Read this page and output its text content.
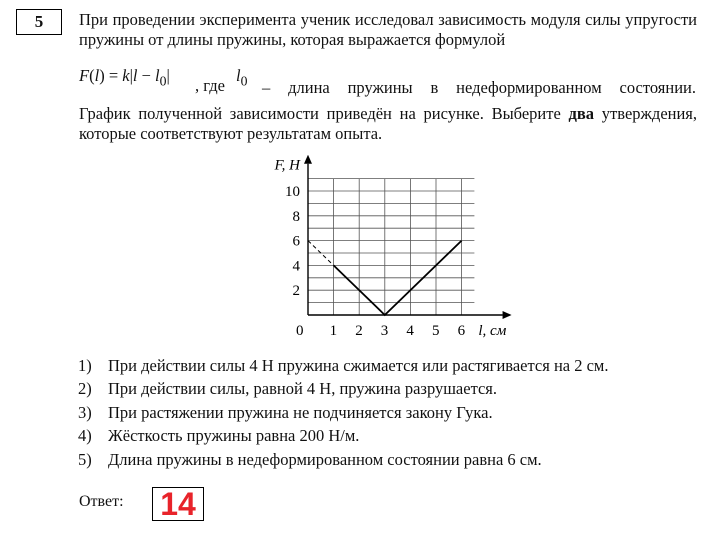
5	При проведении эксперимента ученик исследовал зависимость модуля силы упругости пружины от длины пружины, которая выражается формулой
$F(l) = k|l - l_0|$
, где
$l_0$ – длина пружины в недеформированном состоянии.
График полученной зависимости приведён на рисунке. Выберите два утверждения, которые соответствуют результатам опыта.
0 1 2 3 4 5 6
2
4
6
8
10
F, Н
l, см
1) При действии силы 4 Н пружина сжимается или растягивается на 2 см.
2) При действии силы, равной 4 Н, пружина разрушается.
3) При растяжении пружина не подчиняется закону Гука.
4) Жёсткость пружины равна 200 Н/м.
5) Длина пружины в недеформированном состоянии равна 6 см.
Ответ: 14
